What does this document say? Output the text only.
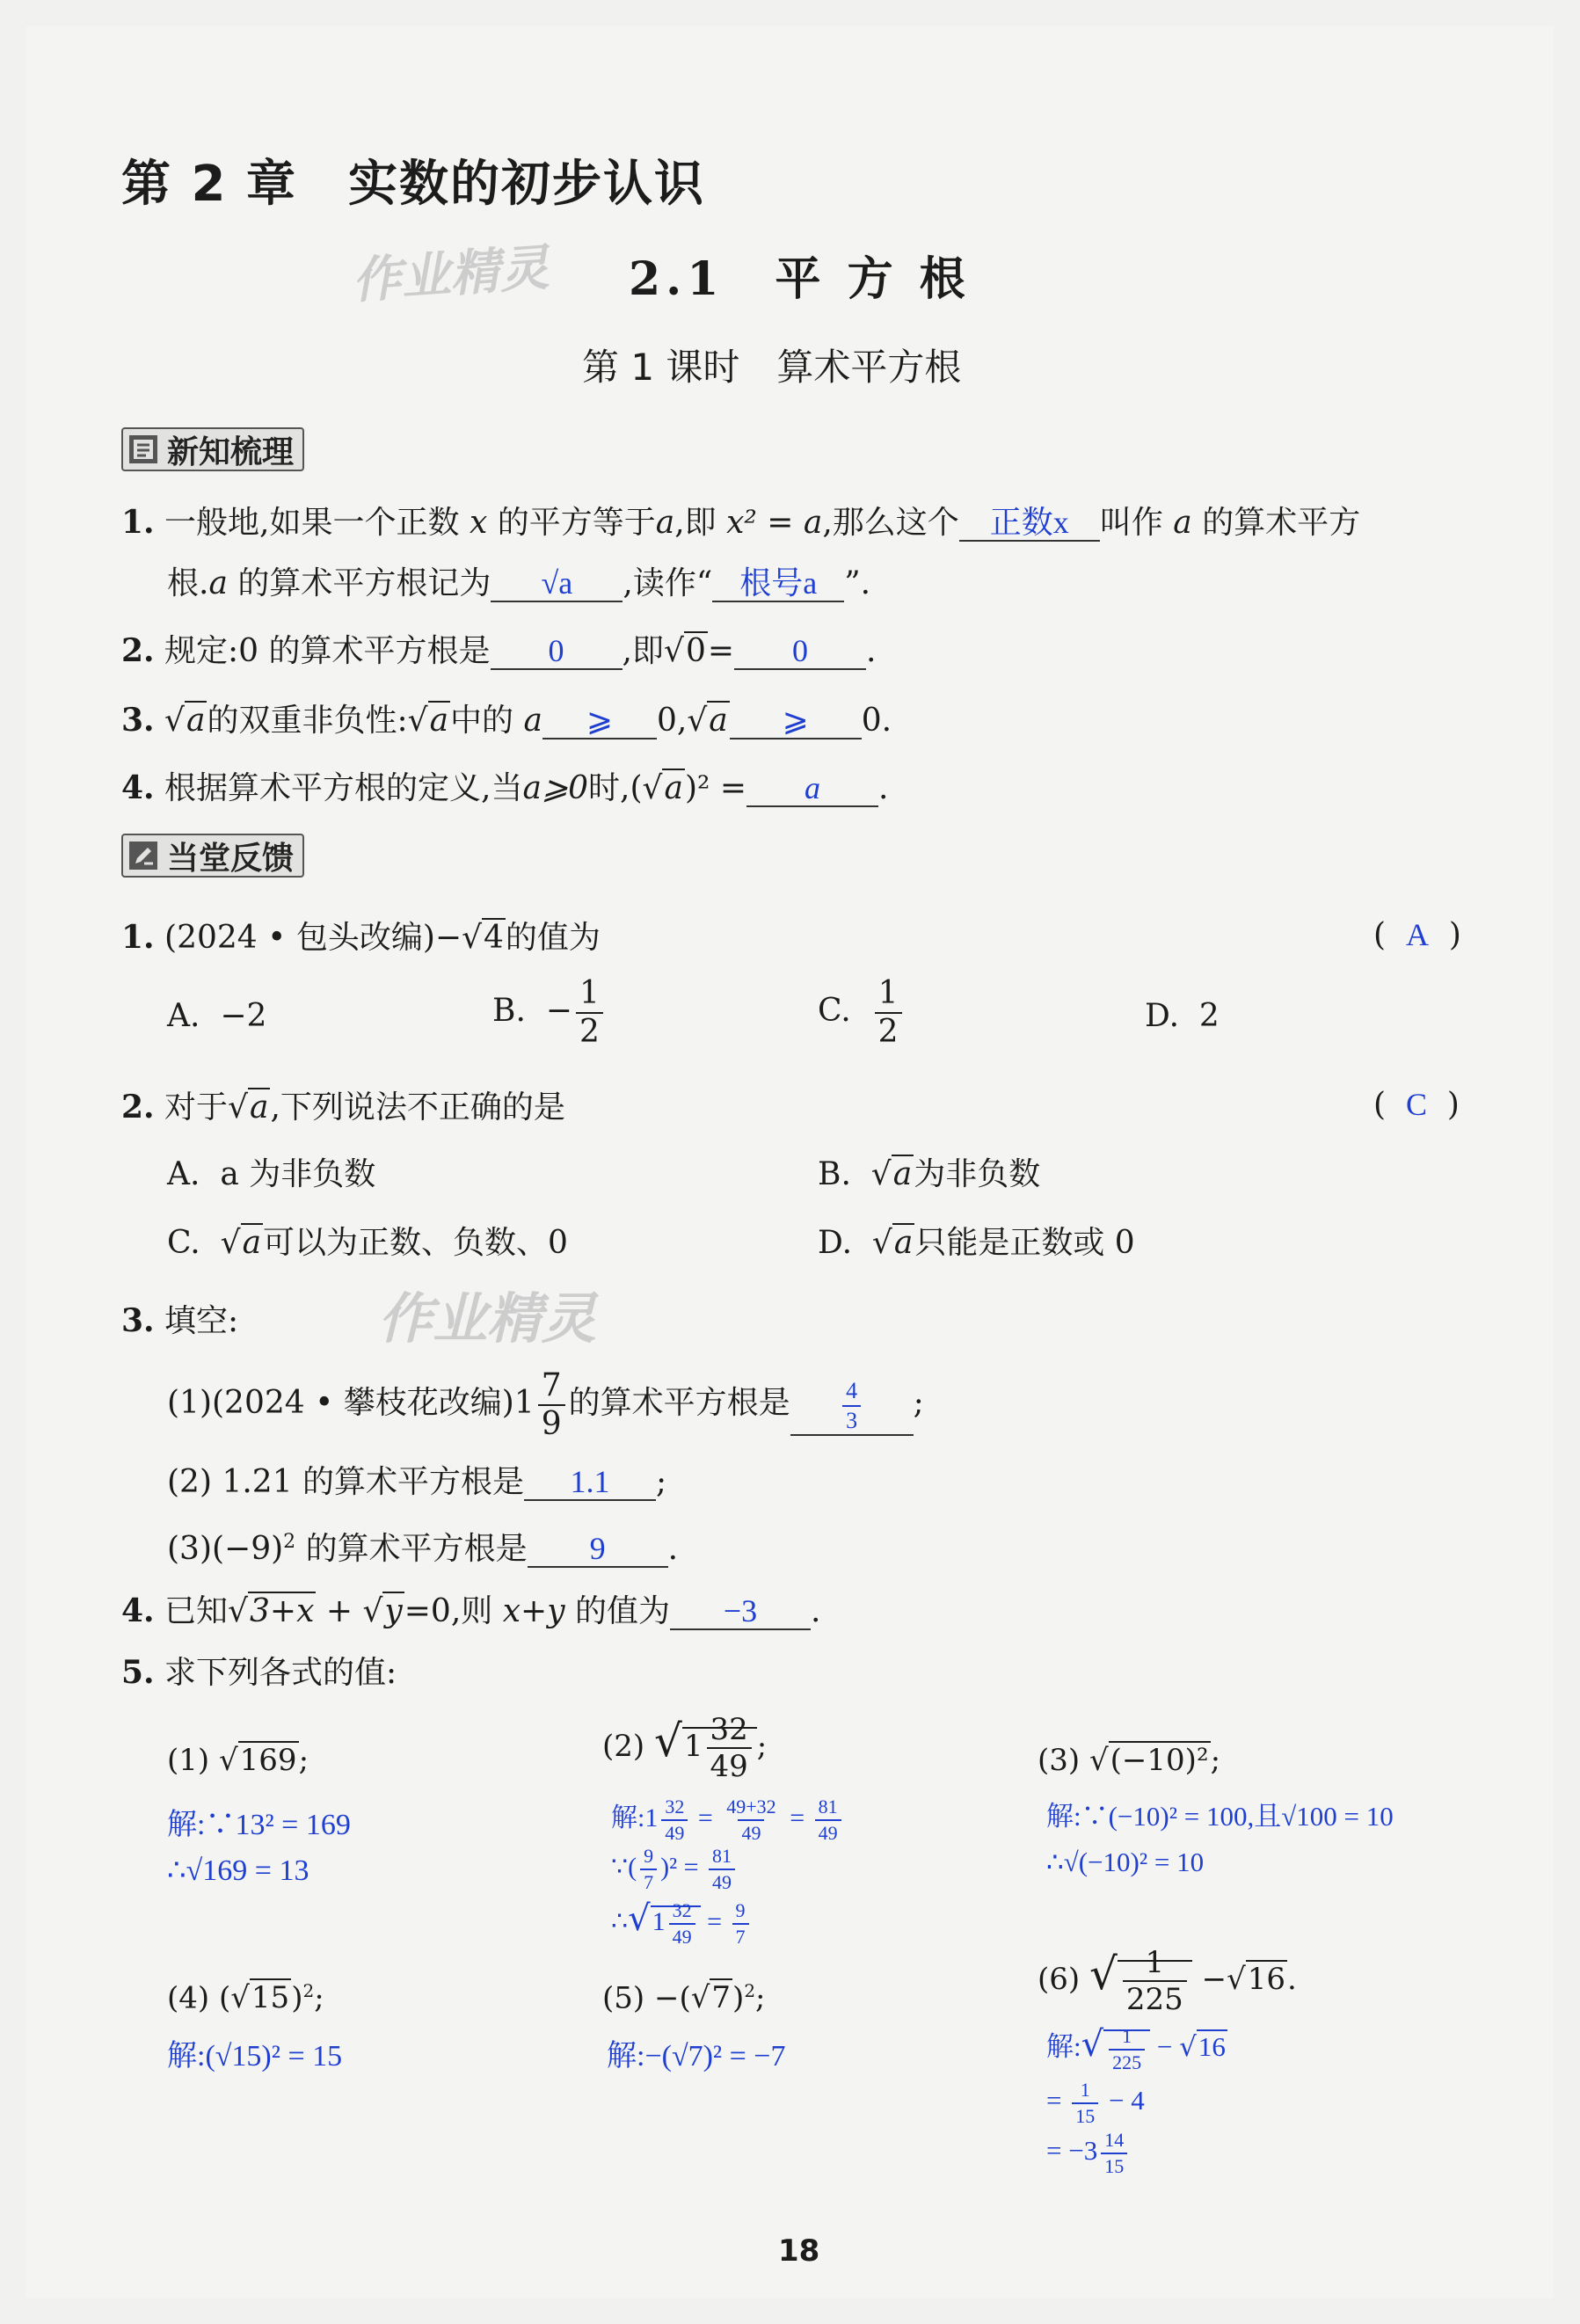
第 2 章　实数的初步认识
作业精灵 2.1　平 方 根
第 1 课时　算术平方根
新知梳理
1. 一般地,如果一个正数 x 的平方等于a,即 x² = a,那么这个 正数x 叫作 a 的算术平方
根.a 的算术平方根记为 √a ,读作“ 根号a ”.
2. 规定:0 的算术平方根是 0 ,即√0= 0 .
3. √a的双重非负性:√a中的 a ⩾ 0,√a ⩾ 0.
4. 根据算术平方根的定义,当a⩾0时,(√a)² = a .
当堂反馈
1. (2024 • 包头改编)−√4的值为	(  A  )
A. −2	B. − $\frac{1}{2}$	C. $\frac{1}{2}$	D. 2
2. 对于√a,下列说法不正确的是	(  C  )
A. a 为非负数	B. √a为非负数
C. √a可以为正数、负数、0	D. √a只能是正数或 0
3. 填空:	作业精灵
(1)(2024 • 攀枝花改编)$1 \frac{7}{9}$ 的算术平方根是 $\frac{4}{3}$ ;
(2) 1.21 的算术平方根是 1.1 ;
$(3)(-9)^2$ 的算术平方根是 9 .
4. 已知√3+x + √y=0,则 x+y 的值为 −3 .
5. 求下列各式的值:
(1) √169;
解:∵13² = 169
∴√169 = 13
(2) $√1 \frac{32}{49}$ ;
解:1 $\frac{32}{49} = \frac{49+32}{49} = \frac{81}{49}$
∵( $\frac{9}{7} )^2 = \frac{81}{49}$
∴√1 $\frac{32}{49} = \frac{9}{7}$
(3) √(−10)²;
解:∵(−10)² = 100,且√100 = 10
∴√(−10)² = 10
(4) $(√15)^2$;
解:(√15)² = 15
$(5) -(√7)^2$;
解:−(√7)² = −7
(6) √ $\frac{1}{225} -√16$.
解:√ $\frac{1}{225} - √16$
= $\frac{1}{15} - 4$
= $-3 \frac{14}{15}$
18
